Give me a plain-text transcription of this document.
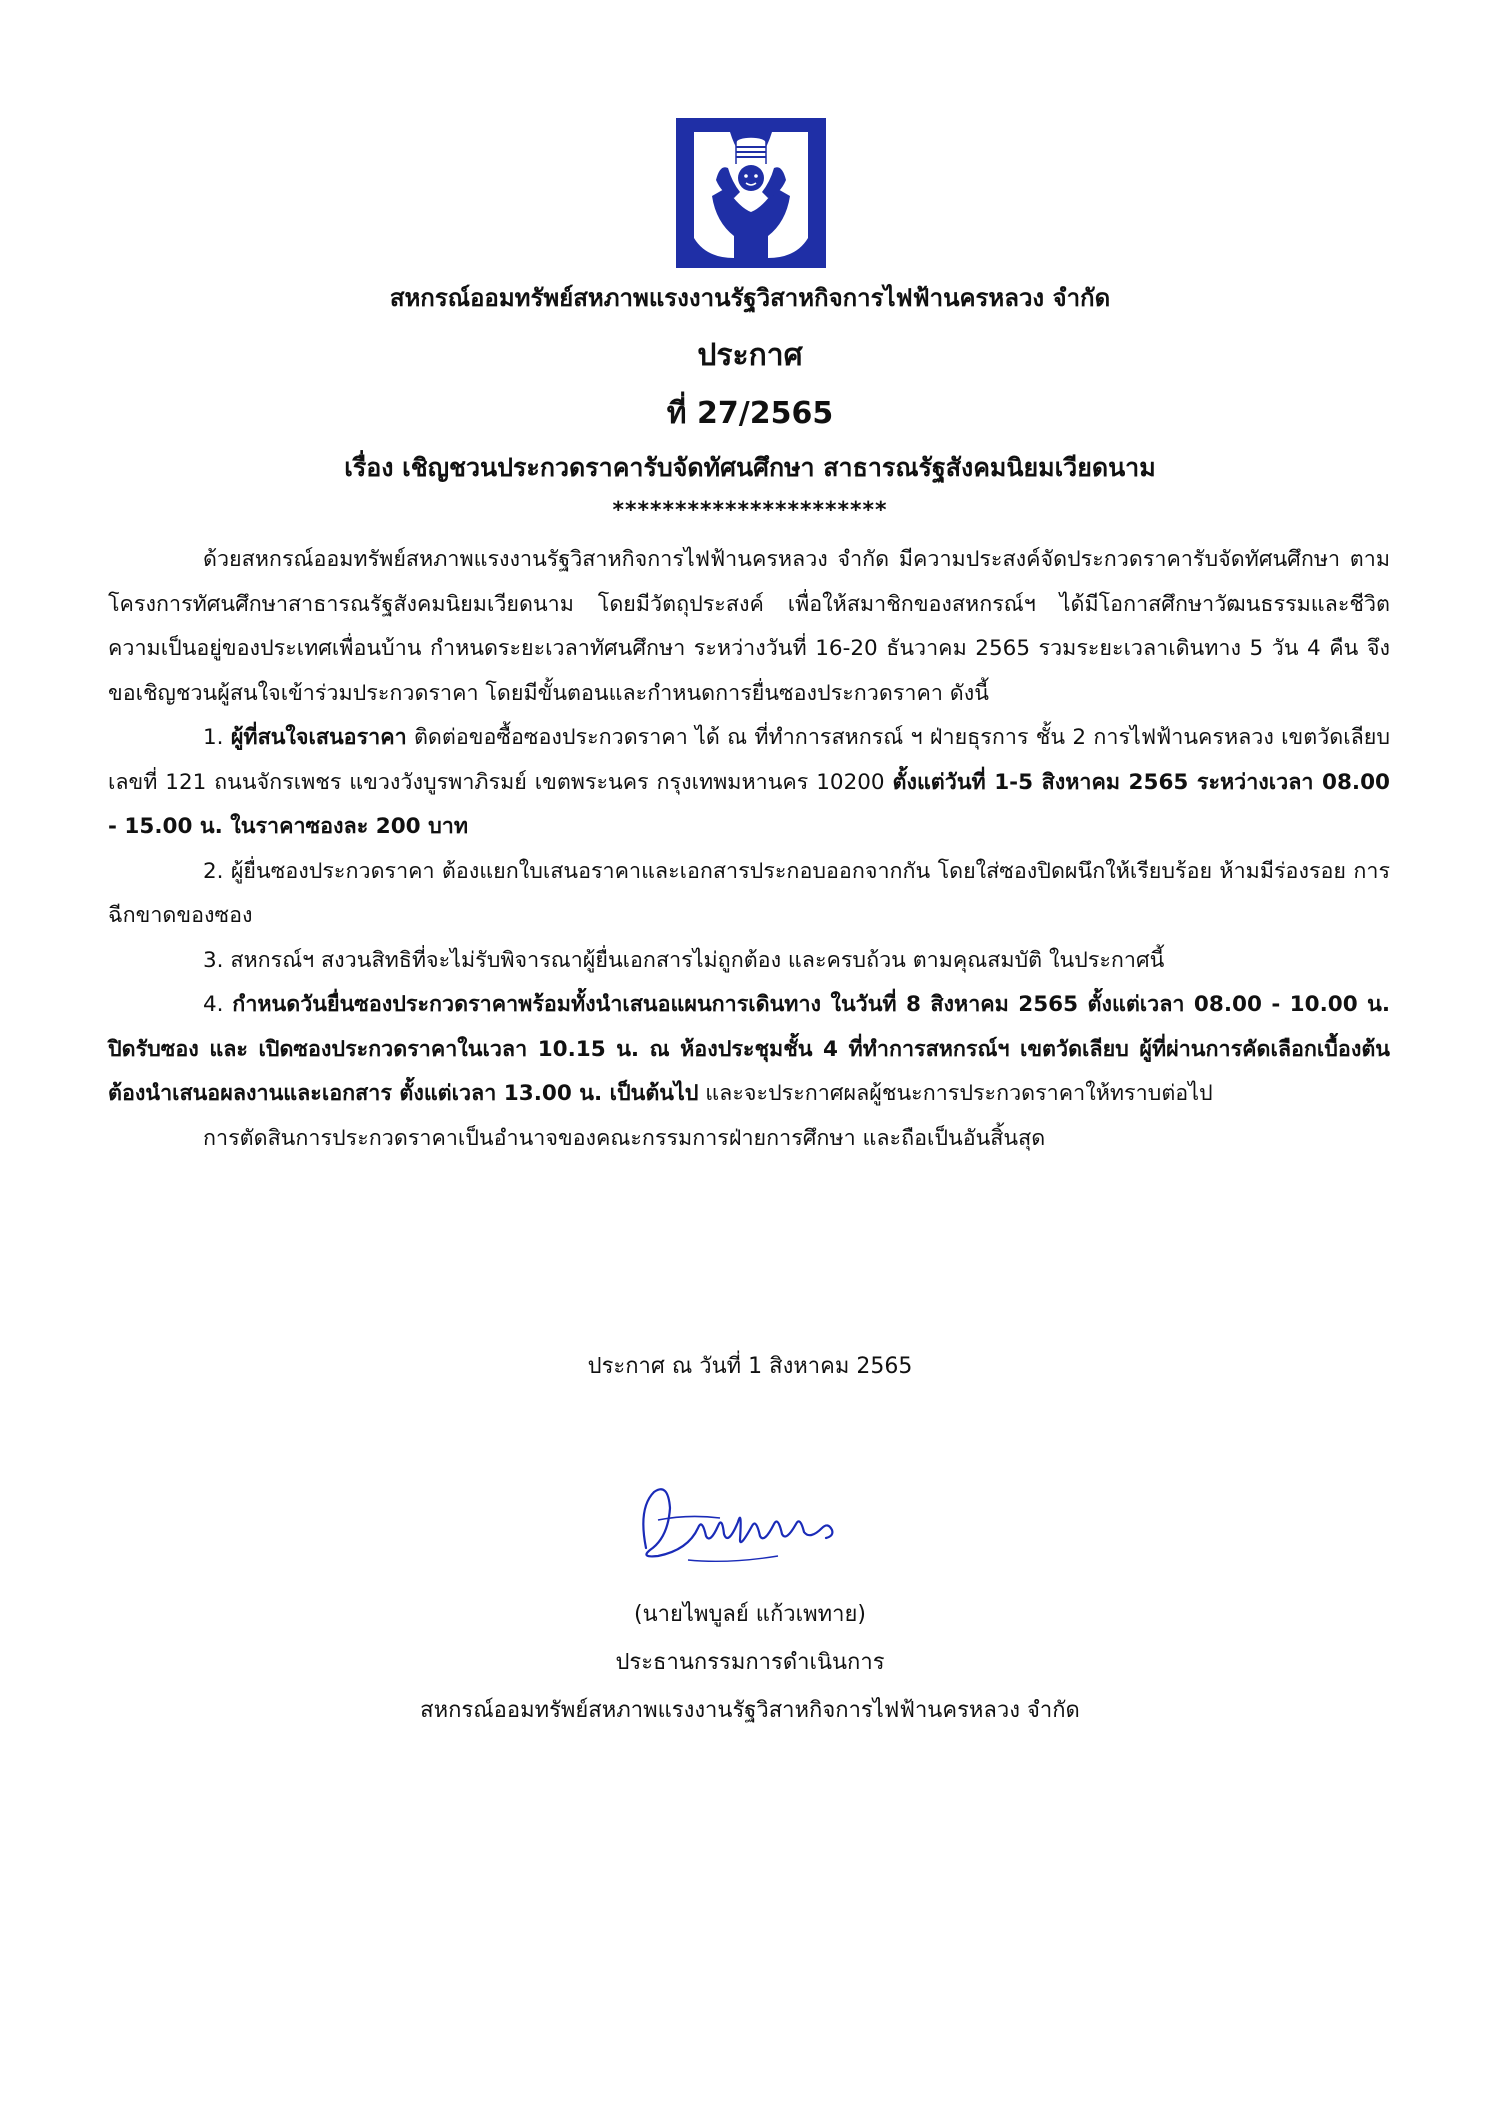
สหกรณ์ออมทรัพย์สหภาพแรงงานรัฐวิสาหกิจการไฟฟ้านครหลวง จำกัด
ประกาศ
ที่ 27/2565
เรื่อง เชิญชวนประกวดราคารับจัดทัศนศึกษา สาธารณรัฐสังคมนิยมเวียดนาม
**********************

ด้วยสหกรณ์ออมทรัพย์สหภาพแรงงานรัฐวิสาหกิจการไฟฟ้านครหลวง จำกัด มีความประสงค์จัดประกวดราคารับจัดทัศนศึกษา ตามโครงการทัศนศึกษาสาธารณรัฐสังคมนิยมเวียดนาม โดยมีวัตถุประสงค์ เพื่อให้สมาชิกของสหกรณ์ฯ ได้มีโอกาสศึกษาวัฒนธรรมและชีวิตความเป็นอยู่ของประเทศเพื่อนบ้าน กำหนดระยะเวลาทัศนศึกษา ระหว่างวันที่ 16-20 ธันวาคม 2565 รวมระยะเวลาเดินทาง 5 วัน 4 คืน จึงขอเชิญชวนผู้สนใจเข้าร่วมประกวดราคา โดยมีขั้นตอนและกำหนดการยื่นซองประกวดราคา ดังนี้

1. ผู้ที่สนใจเสนอราคา ติดต่อขอซื้อซองประกวดราคา ได้ ณ ที่ทำการสหกรณ์ ฯ ฝ่ายธุรการ ชั้น 2 การไฟฟ้านครหลวง เขตวัดเลียบ เลขที่ 121 ถนนจักรเพชร แขวงวังบูรพาภิรมย์ เขตพระนคร กรุงเทพมหานคร 10200 ตั้งแต่วันที่ 1-5 สิงหาคม 2565 ระหว่างเวลา 08.00 - 15.00 น. ในราคาซองละ 200 บาท

2. ผู้ยื่นซองประกวดราคา ต้องแยกใบเสนอราคาและเอกสารประกอบออกจากกัน โดยใส่ซองปิดผนึกให้เรียบร้อย ห้ามมีร่องรอย การฉีกขาดของซอง

3. สหกรณ์ฯ สงวนสิทธิที่จะไม่รับพิจารณาผู้ยื่นเอกสารไม่ถูกต้อง และครบถ้วน ตามคุณสมบัติ ในประกาศนี้

4. กำหนดวันยื่นซองประกวดราคาพร้อมทั้งนำเสนอแผนการเดินทาง ในวันที่ 8 สิงหาคม 2565 ตั้งแต่เวลา 08.00 - 10.00 น. ปิดรับซอง และ เปิดซองประกวดราคาในเวลา 10.15 น. ณ ห้องประชุมชั้น 4 ที่ทำการสหกรณ์ฯ เขตวัดเลียบ ผู้ที่ผ่านการคัดเลือกเบื้องต้น ต้องนำเสนอผลงานและเอกสาร ตั้งแต่เวลา 13.00 น. เป็นต้นไป และจะประกาศผลผู้ชนะการประกวดราคาให้ทราบต่อไป

การตัดสินการประกวดราคาเป็นอำนาจของคณะกรรมการฝ่ายการศึกษา และถือเป็นอันสิ้นสุด

ประกาศ ณ วันที่ 1 สิงหาคม 2565
(นายไพบูลย์ แก้วเพทาย)
ประธานกรรมการดำเนินการ
สหกรณ์ออมทรัพย์สหภาพแรงงานรัฐวิสาหกิจการไฟฟ้านครหลวง จำกัด
